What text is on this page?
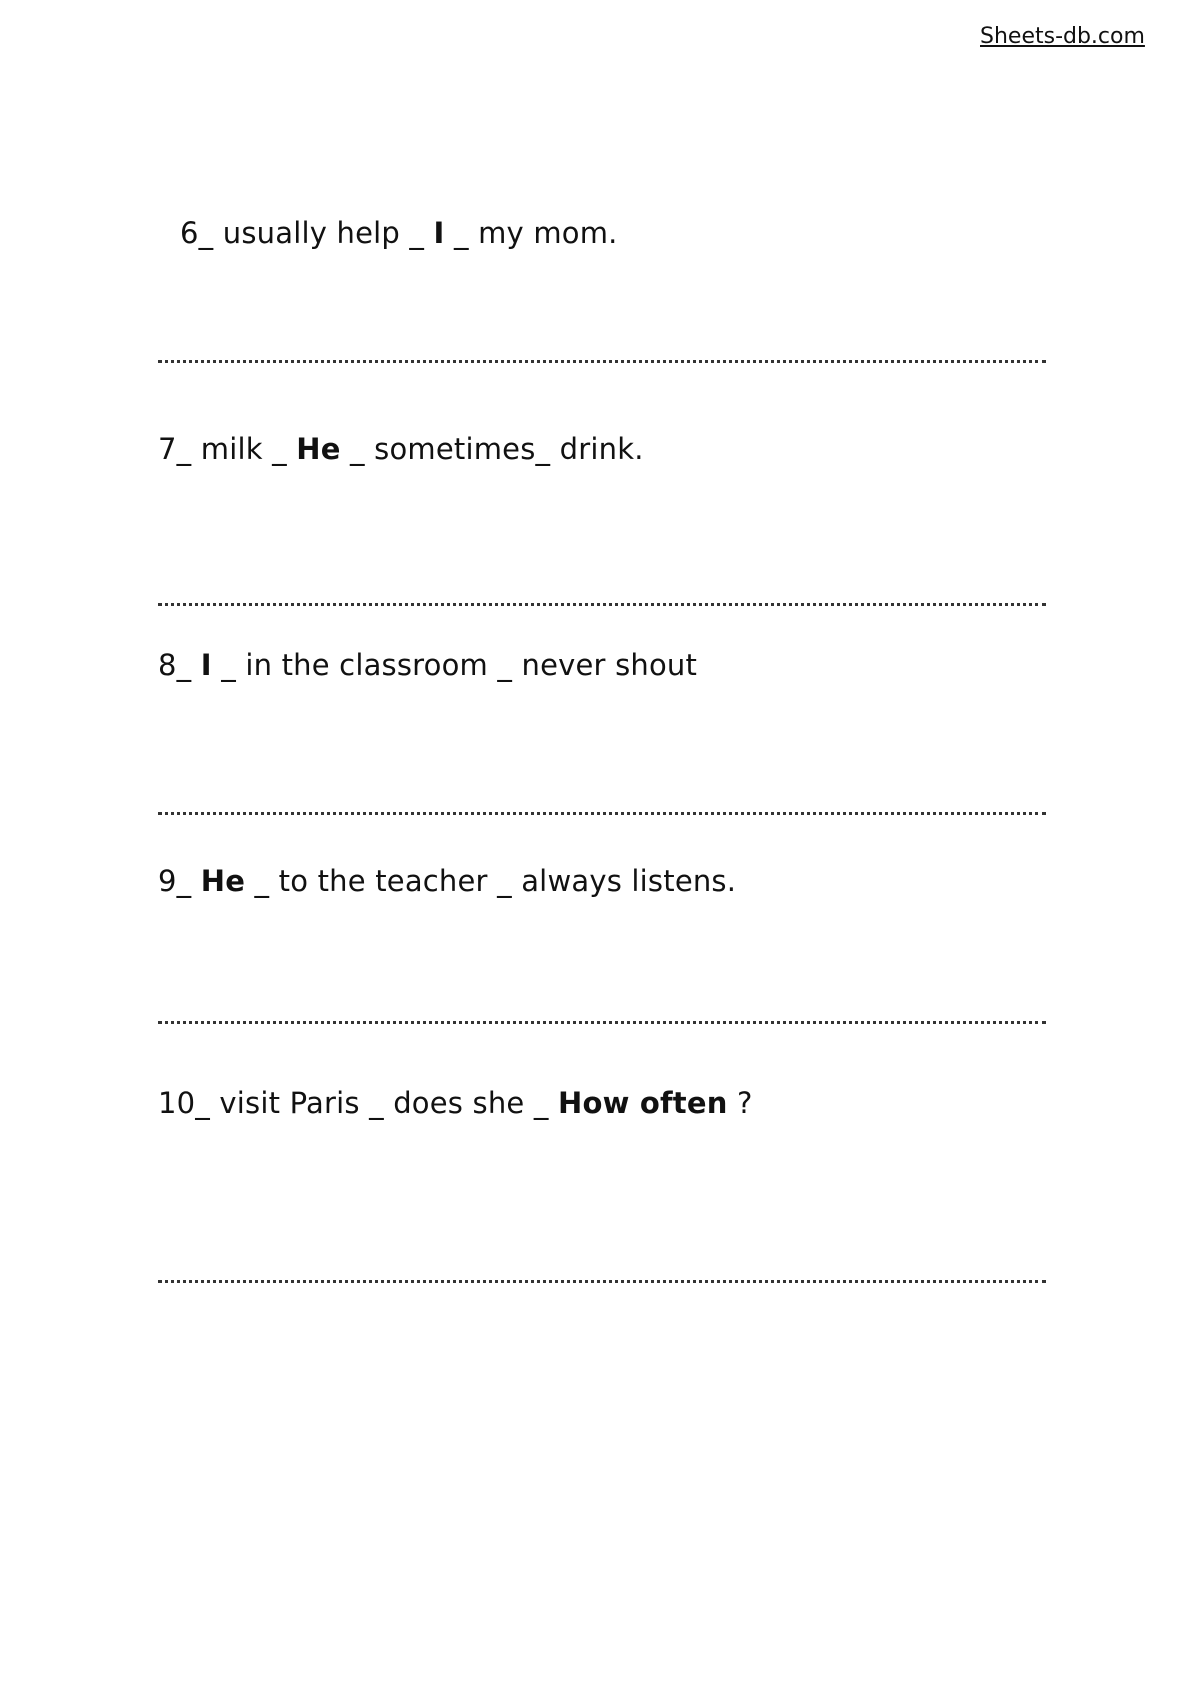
Sheets-db.com
6_ usually help _ I _ my mom.
7_ milk _ He _ sometimes_ drink.
8_ I _ in the classroom _ never shout
9_ He _ to the teacher _ always listens.
10_ visit Paris _ does she _ How often ?
